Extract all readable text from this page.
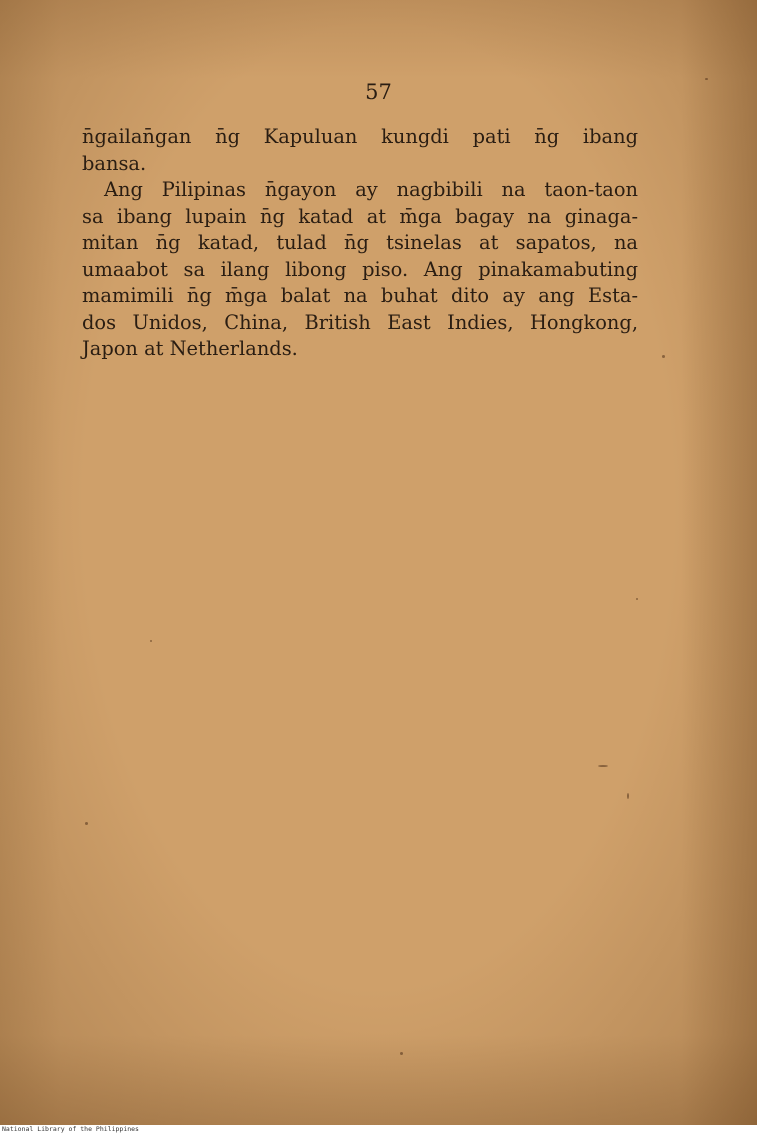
57
n̄gailan̄gan n̄g Kapuluan kungdi pati n̄g ibang
bansa.
Ang Pilipinas n̄gayon ay nagbibili na taon-taon
sa ibang lupain n̄g katad at m̄ga bagay na ginaga-
mitan n̄g katad, tulad n̄g tsinelas at sapatos, na
umaabot sa ilang libong piso. Ang pinakamabuting
mamimili n̄g m̄ga balat na buhat dito ay ang Esta-
dos Unidos, China, British East Indies, Hongkong,
Japon at Netherlands.
National Library of the Philippines
